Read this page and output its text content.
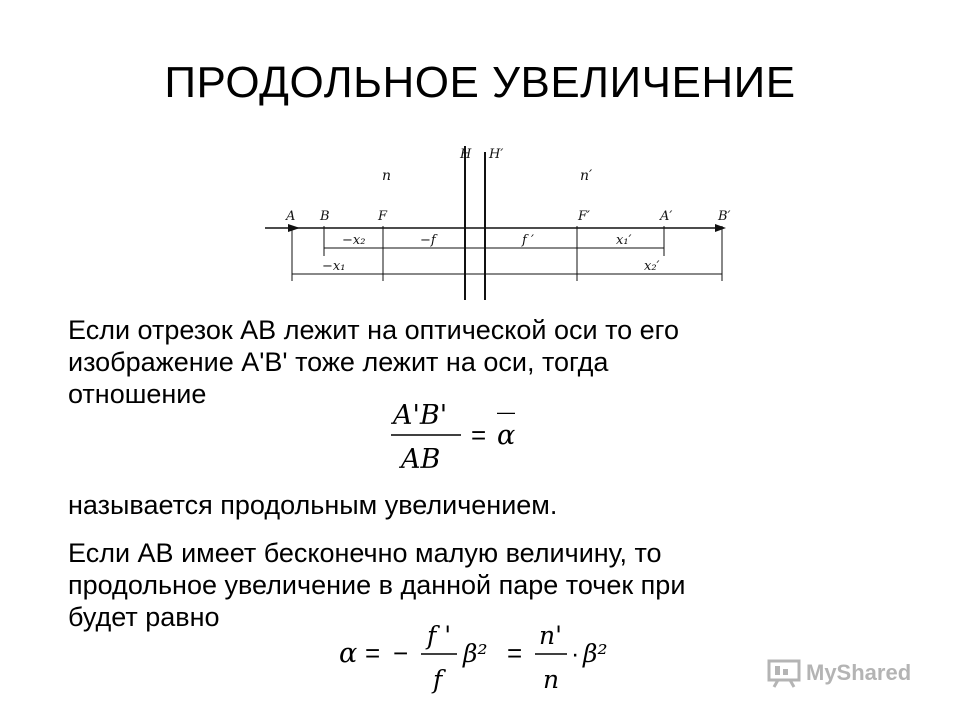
ПРОДОЛЬНОЕ УВЕЛИЧЕНИЕ
H H′
n	n′
A B	F	F′	A′	B′
−x₂	−f	f ′	x₁′
−x₁	x₂′

Если отрезок АВ лежит на оптической оси то его
изображение А'В' тоже лежит на оси, тогда
отношение

A'B'
AB
=
—
α

называется продольным увеличением.

Если АВ имеет бесконечно малую величину, то
продольное увеличение в данной паре точек при
будет равно

α = −
f '
f
β² =
n'
n
· β²
MyShared
